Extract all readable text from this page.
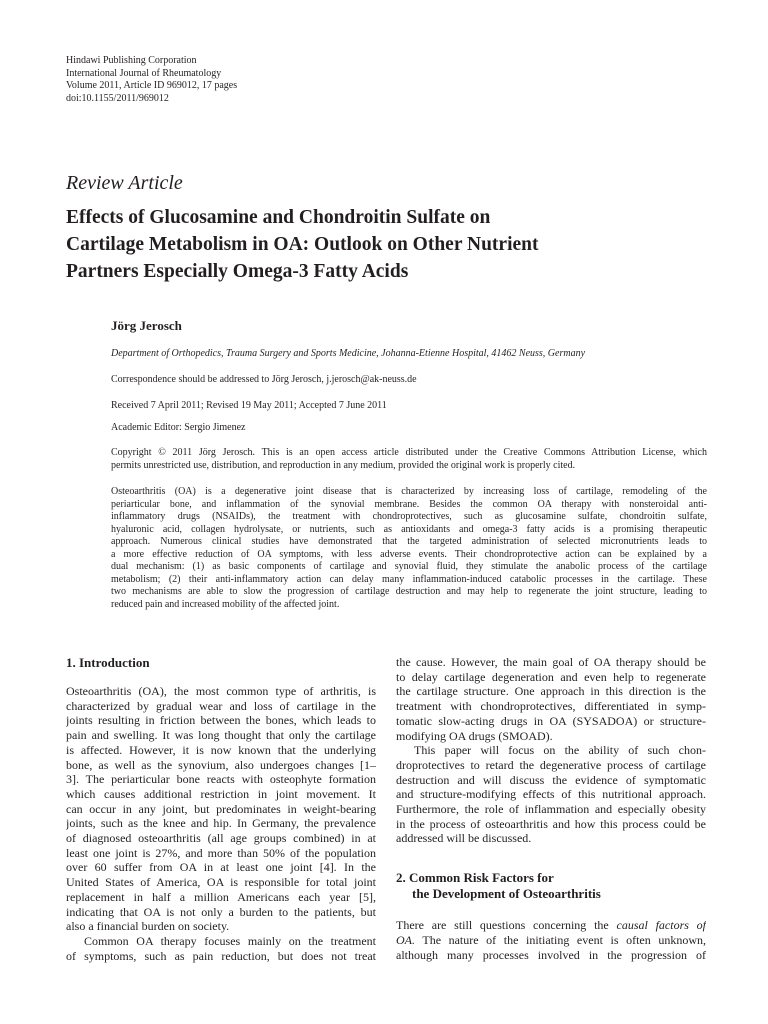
Hindawi Publishing Corporation
International Journal of Rheumatology
Volume 2011, Article ID 969012, 17 pages
doi:10.1155/2011/969012
Review Article
Effects of Glucosamine and Chondroitin Sulfate on
Cartilage Metabolism in OA: Outlook on Other Nutrient
Partners Especially Omega-3 Fatty Acids
Jörg Jerosch
Department of Orthopedics, Trauma Surgery and Sports Medicine, Johanna-Etienne Hospital, 41462 Neuss, Germany
Correspondence should be addressed to Jörg Jerosch, j.jerosch@ak-neuss.de
Received 7 April 2011; Revised 19 May 2011; Accepted 7 June 2011
Academic Editor: Sergio Jimenez
Copyright © 2011 Jörg Jerosch. This is an open access article distributed under the Creative Commons Attribution License, which
permits unrestricted use, distribution, and reproduction in any medium, provided the original work is properly cited.
Osteoarthritis (OA) is a degenerative joint disease that is characterized by increasing loss of cartilage, remodeling of the
periarticular bone, and inflammation of the synovial membrane. Besides the common OA therapy with nonsteroidal anti-
inflammatory drugs (NSAIDs), the treatment with chondroprotectives, such as glucosamine sulfate, chondroitin sulfate,
hyaluronic acid, collagen hydrolysate, or nutrients, such as antioxidants and omega-3 fatty acids is a promising therapeutic
approach. Numerous clinical studies have demonstrated that the targeted administration of selected micronutrients leads to
a more effective reduction of OA symptoms, with less adverse events. Their chondroprotective action can be explained by a
dual mechanism: (1) as basic components of cartilage and synovial fluid, they stimulate the anabolic process of the cartilage
metabolism; (2) their anti-inflammatory action can delay many inflammation-induced catabolic processes in the cartilage. These
two mechanisms are able to slow the progression of cartilage destruction and may help to regenerate the joint structure, leading to
reduced pain and increased mobility of the affected joint.
1. Introduction
Osteoarthritis (OA), the most common type of arthritis, is
characterized by gradual wear and loss of cartilage in the
joints resulting in friction between the bones, which leads to
pain and swelling. It was long thought that only the cartilage
is affected. However, it is now known that the underlying
bone, as well as the synovium, also undergoes changes [1–
3]. The periarticular bone reacts with osteophyte formation
which causes additional restriction in joint movement. It
can occur in any joint, but predominates in weight-bearing
joints, such as the knee and hip. In Germany, the prevalence
of diagnosed osteoarthritis (all age groups combined) in at
least one joint is 27%, and more than 50% of the population
over 60 suffer from OA in at least one joint [4]. In the
United States of America, OA is responsible for total joint
replacement in half a million Americans each year [5],
indicating that OA is not only a burden to the patients, but
also a financial burden on society.
Common OA therapy focuses mainly on the treatment
of symptoms, such as pain reduction, but does not treat
the cause. However, the main goal of OA therapy should be
to delay cartilage degeneration and even help to regenerate
the cartilage structure. One approach in this direction is the
treatment with chondroprotectives, differentiated in symp-
tomatic slow-acting drugs in OA (SYSADOA) or structure-
modifying OA drugs (SMOAD).
This paper will focus on the ability of such chon-
droprotectives to retard the degenerative process of cartilage
destruction and will discuss the evidence of symptomatic
and structure-modifying effects of this nutritional approach.
Furthermore, the role of inflammation and especially obesity
in the process of osteoarthritis and how this process could be
addressed will be discussed.
2. Common Risk Factors for
the Development of Osteoarthritis
There are still questions concerning the causal factors of
OA. The nature of the initiating event is often unknown,
although many processes involved in the progression of
